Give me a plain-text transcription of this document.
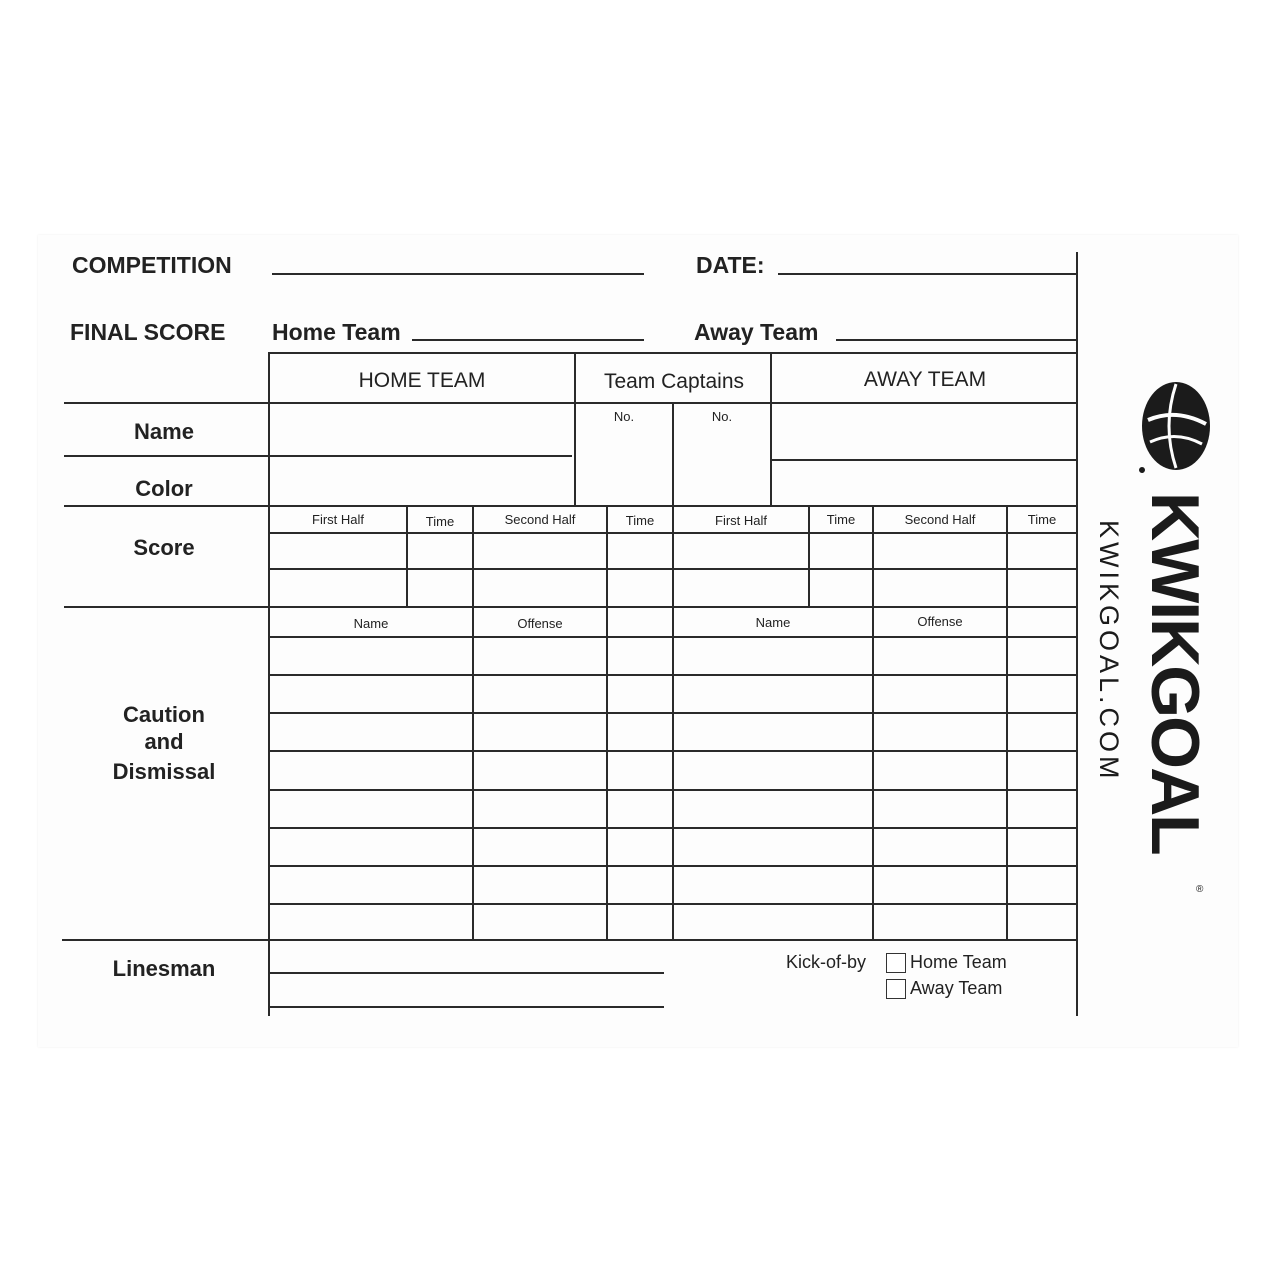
COMPETITION	DATE:
FINAL SCORE Home Team	Away Team
HOME TEAM	Team Captains	AWAY TEAM
No.	No.
Name
Color
Score
First Half	Time	Second Half	Time	First Half	Time	Second Half	Time
Caution
and
Dismissal
Name	Offense	Name	Offense
Linesman	Kick-of-by Home Team
Away Team
KWIKGOAL
®
KWIKGOAL.COM
